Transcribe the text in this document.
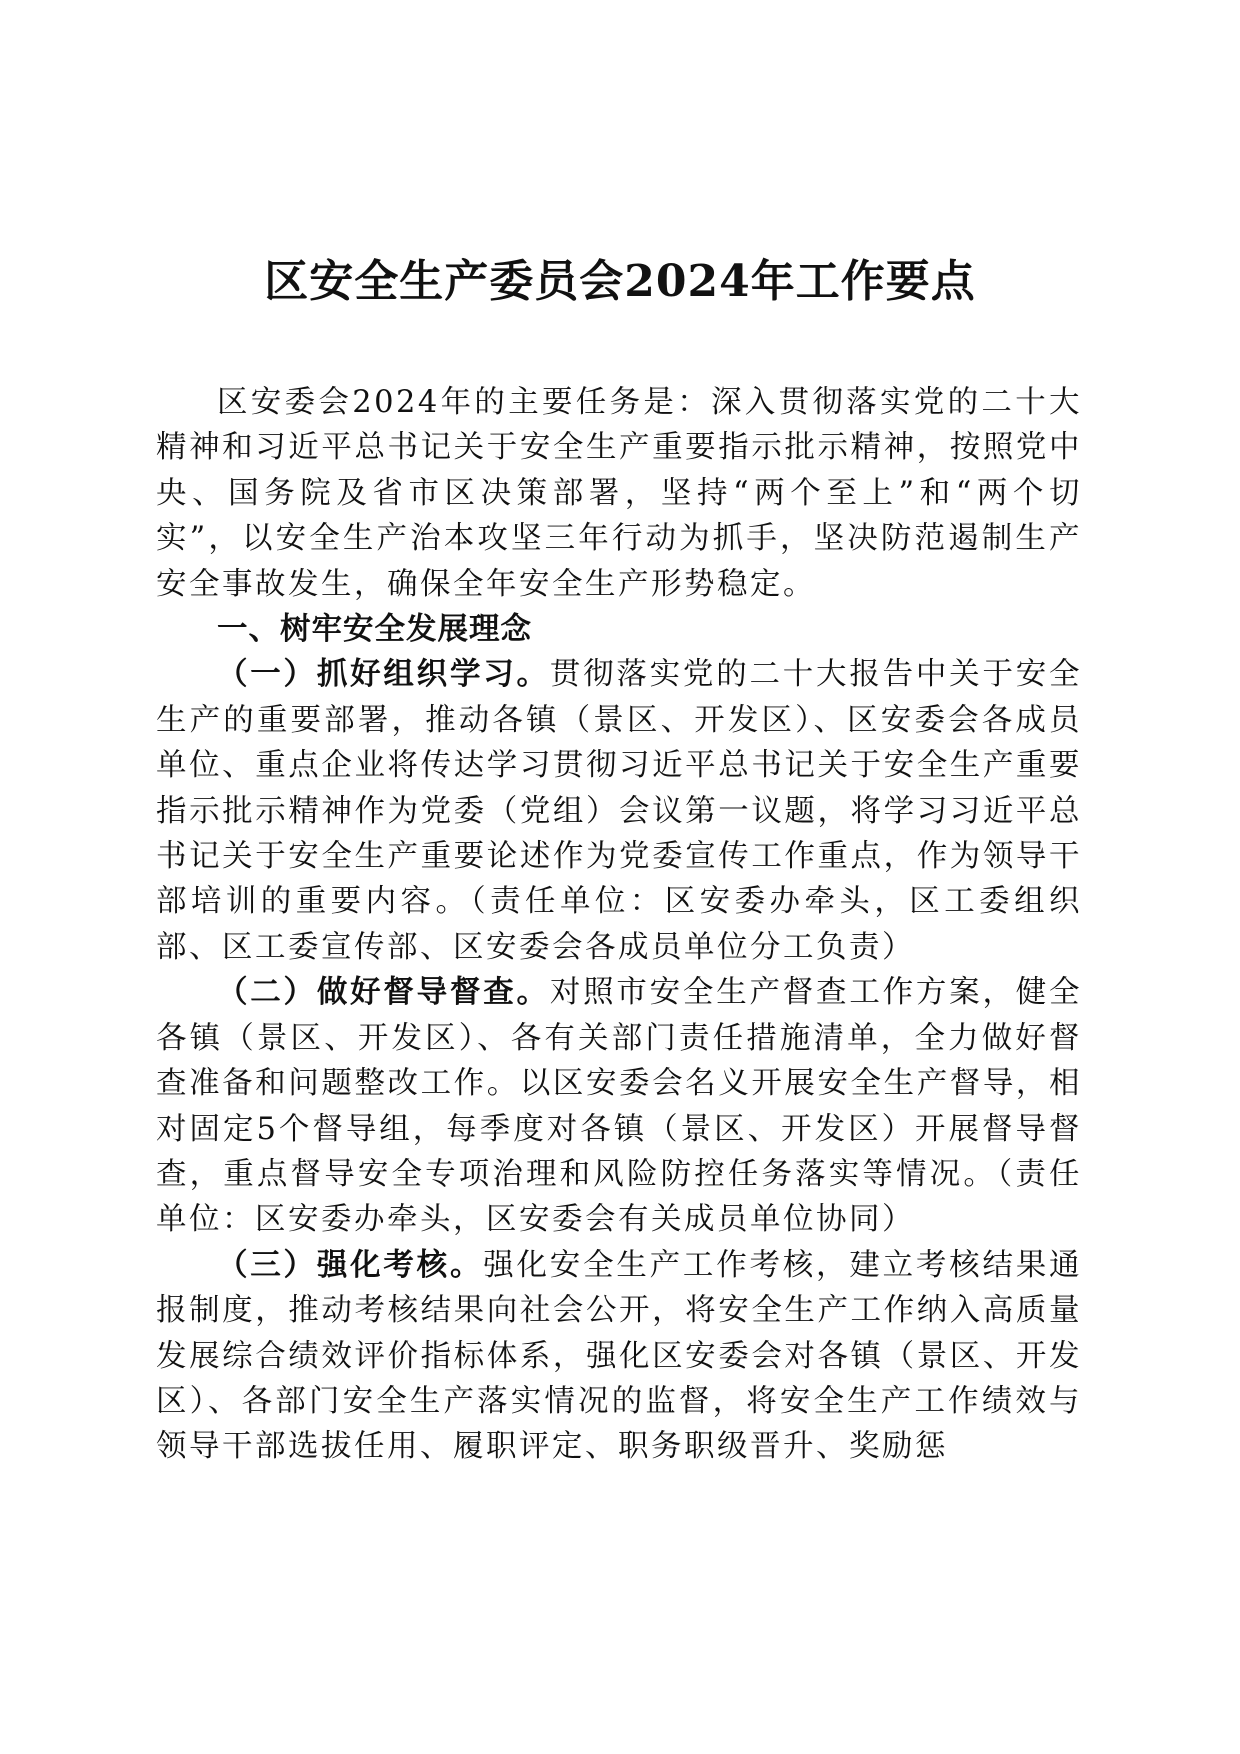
区安全生产委员会2024年工作要点

区安委会2024年的主要任务是：深入贯彻落实党的二十大精神和习近平总书记关于安全生产重要指示批示精神，按照党中央、国务院及省市区决策部署，坚持“两个至上”和“两个切实”，以安全生产治本攻坚三年行动为抓手，坚决防范遏制生产安全事故发生，确保全年安全生产形势稳定。

一、树牢安全发展理念

（一）抓好组织学习。贯彻落实党的二十大报告中关于安全生产的重要部署，推动各镇（景区、开发区）、区安委会各成员单位、重点企业将传达学习贯彻习近平总书记关于安全生产重要指示批示精神作为党委（党组）会议第一议题，将学习习近平总书记关于安全生产重要论述作为党委宣传工作重点，作为领导干部培训的重要内容。（责任单位：区安委办牵头，区工委组织部、区工委宣传部、区安委会各成员单位分工负责）

（二）做好督导督查。对照市安全生产督查工作方案，健全各镇（景区、开发区）、各有关部门责任措施清单，全力做好督查准备和问题整改工作。以区安委会名义开展安全生产督导，相对固定5个督导组，每季度对各镇（景区、开发区）开展督导督查，重点督导安全专项治理和风险防控任务落实等情况。（责任单位：区安委办牵头，区安委会有关成员单位协同）

（三）强化考核。强化安全生产工作考核，建立考核结果通报制度，推动考核结果向社会公开，将安全生产工作纳入高质量发展综合绩效评价指标体系，强化区安委会对各镇（景区、开发区）、各部门安全生产落实情况的监督，将安全生产工作绩效与领导干部选拔任用、履职评定、职务职级晋升、奖励惩
